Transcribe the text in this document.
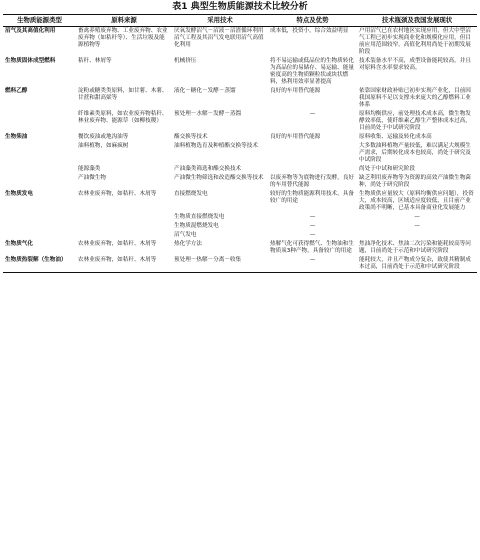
表1 典型生物质能源技术比较分析
生物质能源类型	原料来源	采用技术	特点及优势	技术瓶颈及我国发展现状
沼气及其高值化利用	畜禽养殖废弃物、工业废弃物、农业废弃物（如秸秆等）、生活垃圾及能源植物等	厌氧发酵沼气－沼液－沼渣循环利用沼气工程及其沼气发电联用沼气高值化利用	成本低，投资小，综合效益明显	户用沼气已在农村地区实现应用，但大中型沼气工程已初步实现商业化和规模化应用，但目前应用范围较窄，高值化利用尚处于初期发展阶段
生物质固体成型燃料	秸秆、林屑等	机械挤压	将不易运输或低品位的生物质转化为高品位的易储存、易运输、能量密度高的生物质颗粒状或块状燃料，热利用效率显著提高	技术装备水平不高，成型设备能耗较高，并且对原料含水率要求较高。
燃料乙醇	淀粉或糖类类原料，如甘薯、木薯、甘蔗和甜高粱等	液化－糖化－发酵－蒸馏	良好的车用替代能源	依靠国家财政补贴已初步实现产业化，目前因我国原料不足以支撑未来庞大的乙醇燃料工业体系
	纤维素类原料，如农业废弃物秸秆、林业废弃物、能源草（如柳枝稷）	预处理－水解－发酵－蒸馏	—	原料均衡供应，前处理技术成本高，微生物发酵效率低，使纤维素乙醇生产整体成本过高，目前尚处于中试研究阶段
生物柴油	餐饮废油或地沟油等	酯交换等技术	良好的车用替代能源	原料收集、运输及转化成本高
	油料植物，如麻疯树	油料植物选育及种植酯交换等技术		大多数油料植物产量较低，难以满足大规模生产需求，后期转化成本也较高，尚处于研究及中试阶段
	能源藻类	产油藻类筛选和酯交换技术		尚处于中试和研究阶段
	产油微生物	产油微生物筛选和改造酯交换等技术	以废弃物等为底物进行发酵，良好的车用替代能源	缺乏利用废弃物等为资源的高效产油微生物菌种，尚处于研究阶段
生物质发电	农林业废弃物，如秸秆、木屑等	直接燃烧发电	较好的生物质能源利用技术，具备较广的用途	生物质供应量较大（原料均衡供应问题），投资大，成本较高，区域适应度较低，且目前产业政策尚不明晰，已基本具备商业化发展能力
		生物质直接燃烧发电	—	—
		生物质混燃烧发电	—	—
		沼气发电	—	
生物质气化	农林业废弃物，如秸秆、木屑等	热化学方法	热解气化可获得燃气、生物油和生物质炭3种产物，具备较广的用途	焦油净化技术、焦油二次污染和能耗较高等问题，目前尚处于示范和中试研究阶段
生物质热裂解（生物油）	农林业废弃物，如秸秆、木屑等	预处理－热解－分离－收集	—	能耗较大，并且产物成分复杂，致使其精制成本过高，目前尚处于示范和中试研究阶段
